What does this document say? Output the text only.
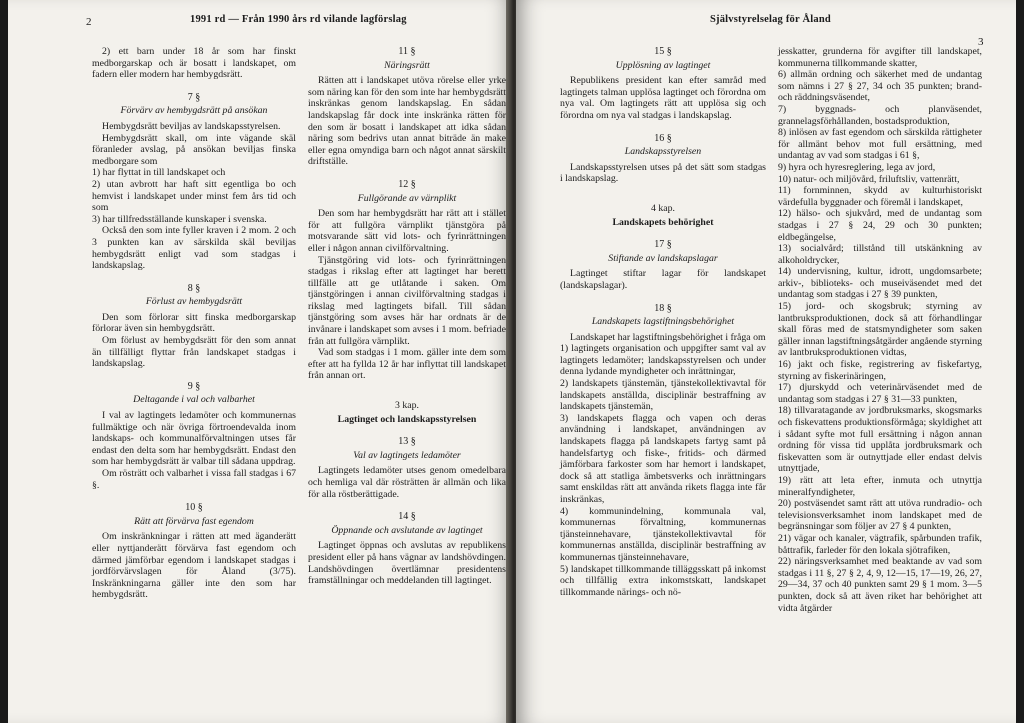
2	1991 rd — Från 1990 års rd vilande lagförslag

2) ett barn under 18 år som har finskt medborgarskap och är bosatt i landskapet, om fadern eller modern har hembygdsrätt.

7 §
Förvärv av hembygdsrätt på ansökan

Hembygdsrätt beviljas av landskapsstyrelsen.

Hembygdsrätt skall, om inte vägande skäl föranleder avslag, på ansökan beviljas finska medborgare som

1) har flyttat in till landskapet och

2) utan avbrott har haft sitt egentliga bo och hemvist i landskapet under minst fem års tid och som

3) har tillfredsställande kunskaper i svenska.

Också den som inte fyller kraven i 2 mom. 2 och 3 punkten kan av särskilda skäl beviljas hembygdsrätt enligt vad som stadgas i landskapslag.

8 §
Förlust av hembygdsrätt

Den som förlorar sitt finska medborgarskap förlorar även sin hembygdsrätt.

Om förlust av hembygdsrätt för den som annat än tillfälligt flyttar från landskapet stadgas i landskapslag.

9 §
Deltagande i val och valbarhet

I val av lagtingets ledamöter och kommunernas fullmäktige och när övriga förtroendevalda inom landskaps- och kommunalförvaltningen utses får endast den delta som har hembygdsrätt. Endast den som har hembygdsrätt är valbar till sådana uppdrag.

Om rösträtt och valbarhet i vissa fall stadgas i 67 §.

10 §
Rätt att förvärva fast egendom

Om inskränkningar i rätten att med äganderätt eller nyttjanderätt förvärva fast egendom och därmed jämförbar egendom i landskapet stadgas i jordförvärvslagen för Åland (3/75). Inskränkningarna gäller inte den som har hembygdsrätt.

11 §
Näringsrätt

Rätten att i landskapet utöva rörelse eller yrke som näring kan för den som inte har hembygdsrätt inskränkas genom landskapslag. En sådan landskapslag får dock inte inskränka rätten för den som är bosatt i landskapet att idka sådan näring som bedrivs utan annat biträde än make eller egna omyndiga barn och något annat särskilt driftställe.

12 §
Fullgörande av värnplikt

Den som har hembygdsrätt har rätt att i stället för att fullgöra värnplikt tjänstgöra på motsvarande sätt vid lots- och fyrinrättningen eller i någon annan civilförvaltning.

Tjänstgöring vid lots- och fyrinrättningen stadgas i rikslag efter att lagtinget har berett tillfälle att ge utlåtande i saken. Om tjänstgöringen i annan civilförvaltning stadgas i rikslag med lagtingets bifall. Till sådan tjänstgöring som avses här har ordnats är de invånare i landskapet som avses i 1 mom. befriade från att fullgöra värnplikt.

Vad som stadgas i 1 mom. gäller inte dem som efter att ha fyllda 12 år har inflyttat till landskapet från annan ort.

3 kap.
Lagtinget och landskapsstyrelsen
13 §
Val av lagtingets ledamöter

Lagtingets ledamöter utses genom omedelbara och hemliga val där rösträtten är allmän och lika för alla röstberättigade.

14 §
Öppnande och avslutande av lagtinget

Lagtinget öppnas och avslutas av republikens president eller på hans vägnar av landshövdingen. Landshövdingen övertlämnar presidentens framställningar och meddelanden till lagtinget.

Självstyrelselag för Åland
3
15 §
Upplösning av lagtinget

Republikens president kan efter samråd med lagtingets talman upplösa lagtinget och förordna om nya val. Om lagtingets rätt att upplösa sig och förordna om nya val stadgas i landskapslag.

16 §
Landskapsstyrelsen

Landskapsstyrelsen utses på det sätt som stadgas i landskapslag.

4 kap.
Landskapets behörighet
17 §
Stiftande av landskapslagar

Lagtinget stiftar lagar för landskapet (landskapslagar).

18 §
Landskapets lagstiftningsbehörighet

Landskapet har lagstiftningsbehörighet i fråga om

1) lagtingets organisation och uppgifter samt val av lagtingets ledamöter; landskapsstyrelsen och under denna lydande myndigheter och inrättningar,

2) landskapets tjänstemän, tjänstekollektivavtal för landskapets anställda, disciplinär bestraffning av landskapets tjänstemän,

3) landskapets flagga och vapen och deras användning i landskapet, användningen av landskapets flagga på landskapets fartyg samt på handelsfartyg och fiske-, fritids- och därmed jämförbara farkoster som har hemort i landskapet, dock så att statliga ämbetsverks och inrättningars samt enskildas rätt att använda rikets flagga inte får inskränkas,

4) kommunindelning, kommunala val, kommunernas förvaltning, kommunernas tjänsteinnehavare, tjänstekollektivavtal för kommunernas anställda, disciplinär bestraffning av kommunernas tjänsteinnehavare,

5) landskapet tillkommande tilläggsskatt på inkomst och tillfällig extra inkomstskatt, landskapet tillkommande närings- och nö-

jesskatter, grunderna för avgifter till landskapet, kommunerna tillkommande skatter,

6) allmän ordning och säkerhet med de undantag som nämns i 27 § 27, 34 och 35 punkten; brand- och räddningsväsendet,

7) byggnads- och planväsendet, grannelagsförhållanden, bostadsproduktion,

8) inlösen av fast egendom och särskilda rättigheter för allmänt behov mot full ersättning, med undantag av vad som stadgas i 61 §,

9) hyra och hyresreglering, lega av jord,

10) natur- och miljövård, friluftsliv, vattenrätt,

11) fornminnen, skydd av kulturhistoriskt värdefulla byggnader och föremål i landskapet,

12) hälso- och sjukvård, med de undantag som stadgas i 27 § 24, 29 och 30 punkten; eldbegängelse,

13) socialvård; tillstånd till utskänkning av alkoholdrycker,

14) undervisning, kultur, idrott, ungdomsarbete; arkiv-, biblioteks- och museiväsendet med det undantag som stadgas i 27 § 39 punkten,

15) jord- och skogsbruk; styrning av lantbruksproduktionen, dock så att förhandlingar skall föras med de statsmyndigheter som saken gäller innan lagstiftningsåtgärder angående styrning av lantbruksproduktionen vidtas,

16) jakt och fiske, registrering av fiskefartyg, styrning av fiskerinäringen,

17) djurskydd och veterinärväsendet med de undantag som stadgas i 27 § 31—33 punkten,

18) tillvaratagande av jordbruksmarks, skogsmarks och fiskevattens produktionsförmåga; skyldighet att i sådant syfte mot full ersättning i någon annan ordning för vissa tid upplåta jordbruksmark och fiskevatten som är outnyttjade eller endast delvis utnyttjade,

19) rätt att leta efter, inmuta och utnyttja mineralfyndigheter,

20) postväsendet samt rätt att utöva rundradio- och televisionsverksamhet inom landskapet med de begränsningar som följer av 27 § 4 punkten,

21) vägar och kanaler, vägtrafik, spårbunden trafik, båttrafik, farleder för den lokala sjötrafiken,

22) näringsverksamhet med beaktande av vad som stadgas i 11 §, 27 § 2, 4, 9, 12—15, 17—19, 26, 27, 29—34, 37 och 40 punkten samt 29 § 1 mom. 3—5 punkten, dock så att även riket har behörighet att vidta åtgärder
